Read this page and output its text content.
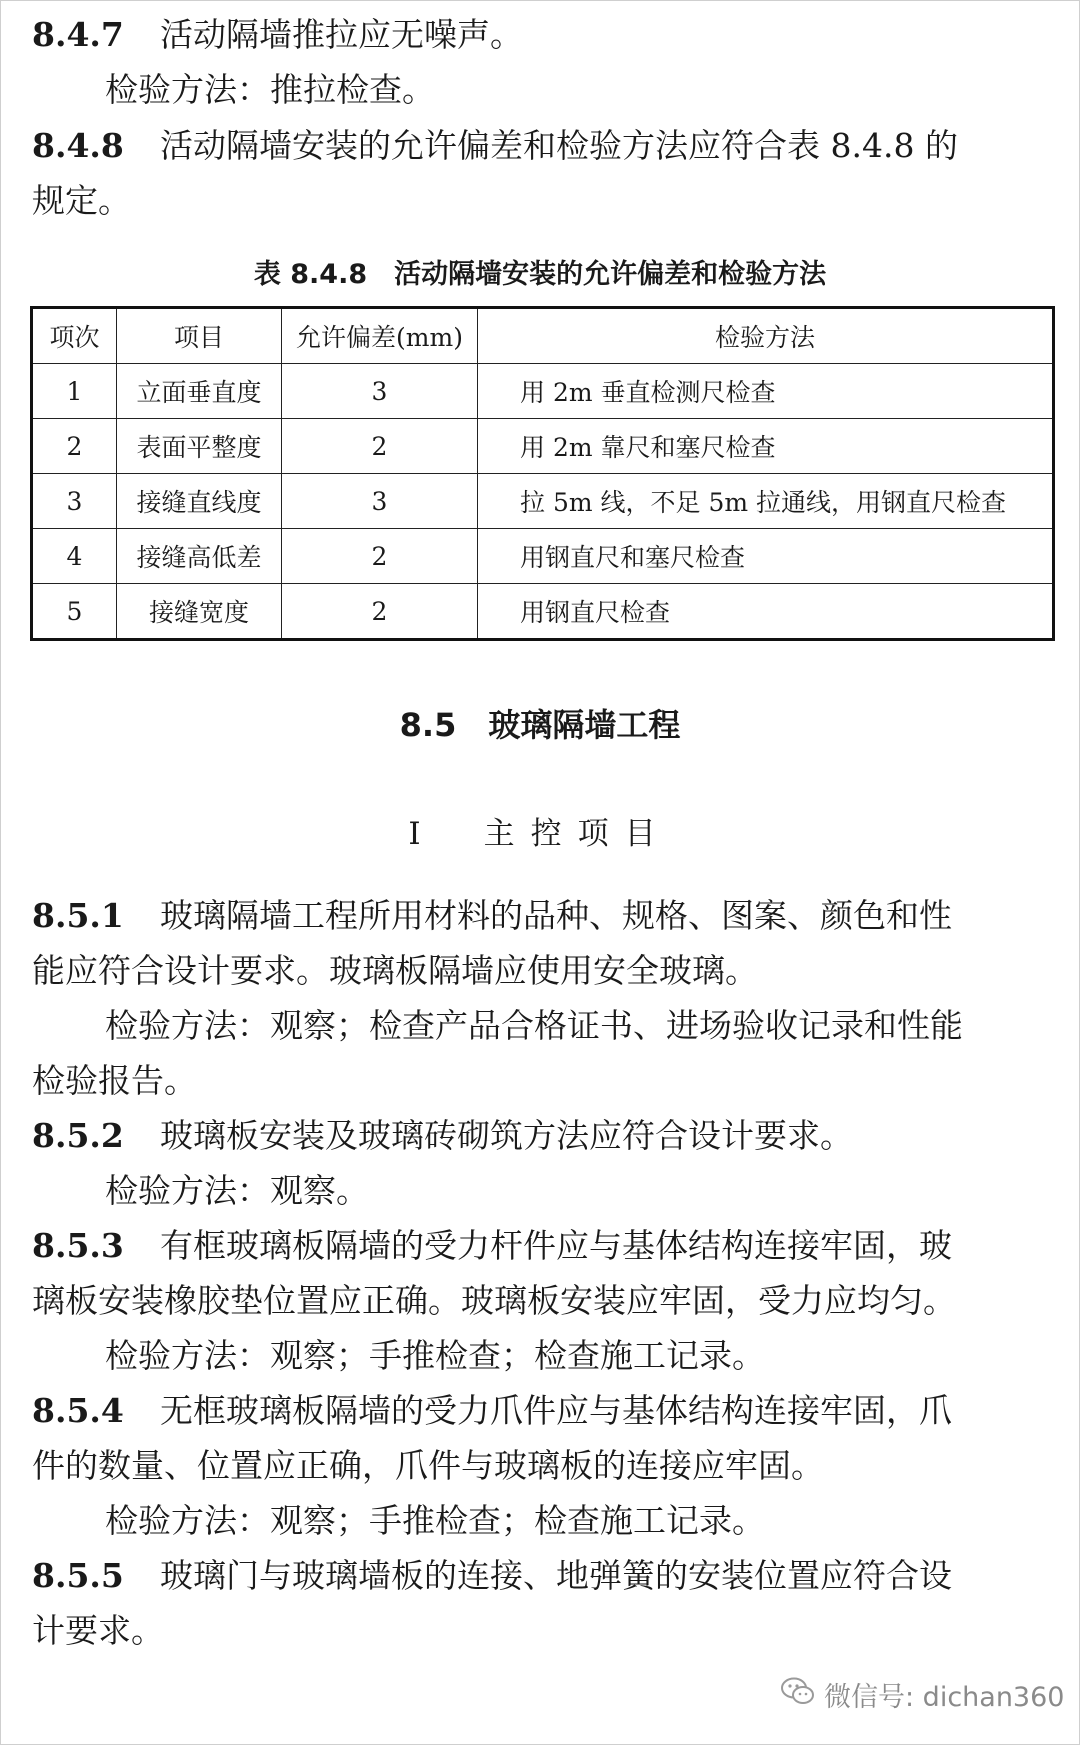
8.4.7 活动隔墙推拉应无噪声。
检验方法：推拉检查。
8.4.8 活动隔墙安装的允许偏差和检验方法应符合表 8.4.8 的
规定。
表 8.4.8　活动隔墙安装的允许偏差和检验方法
项次	项目	允许偏差(mm)	检验方法
1	立面垂直度	3	用 2m 垂直检测尺检查
2	表面平整度	2	用 2m 靠尺和塞尺检查
3	接缝直线度	3	拉 5m 线，不足 5m 拉通线，用钢直尺检查
4	接缝高低差	2	用钢直尺和塞尺检查
5	接缝宽度	2	用钢直尺检查
8.5　玻璃隔墙工程
Ⅰ　主控项目
8.5.1 玻璃隔墙工程所用材料的品种、规格、图案、颜色和性
能应符合设计要求。玻璃板隔墙应使用安全玻璃。
检验方法：观察；检查产品合格证书、进场验收记录和性能
检验报告。
8.5.2 玻璃板安装及玻璃砖砌筑方法应符合设计要求。
检验方法：观察。
8.5.3 有框玻璃板隔墙的受力杆件应与基体结构连接牢固，玻
璃板安装橡胶垫位置应正确。玻璃板安装应牢固，受力应均匀。
检验方法：观察；手推检查；检查施工记录。
8.5.4 无框玻璃板隔墙的受力爪件应与基体结构连接牢固，爪
件的数量、位置应正确，爪件与玻璃板的连接应牢固。
检验方法：观察；手推检查；检查施工记录。
8.5.5 玻璃门与玻璃墙板的连接、地弹簧的安装位置应符合设
计要求。
微信号: dichan360
